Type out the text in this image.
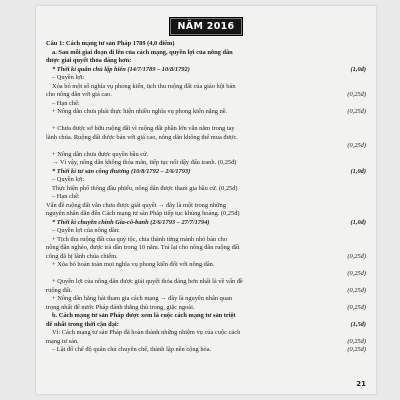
NĂM 2016
Câu 1: Cách mạng tư sản Pháp 1789 (4,0 điểm)
a. Sau mỗi giai đoạn đi lên của cách mạng, quyền lợi của nông dân
được giải quyết thỏa đáng hơn:
* Thời kì quân chủ lập hiến (14/7/1789 – 10/8/1792)	(1,0đ)
– Quyền lợi:
Xóa bỏ một số nghĩa vụ phong kiến, tịch thu ruộng đất của giáo hội bán
cho nông dân với giá cao.	(0,25đ)
– Hạn chế:
+ Nông dân chưa phải thực hiện nhiều nghĩa vụ phong kiến nặng nề.	(0,25đ)
+ Chưa được sở hữu ruộng đất vì ruộng đất phần lớn vẫn nằm trong tay
lãnh chúa. Ruộng đất được bán với giá cao, nông dân không thể mua được.
(0,25đ)
+ Nông dân chưa được quyền bầu cử.
→ Vì vậy, nông dân không thỏa mãn, tiếp tục nổi dậy đấu tranh. (0,25đ)
* Thời kì tư sản công thương (10/8/1792 – 2/6/1793)	(1,0đ)
– Quyền lợi:
Thực hiện phổ thông đầu phiếu, nông dân được tham gia bầu cử. (0,25đ)
– Hạn chế:
Vấn đề ruộng đất vẫn chưa được giải quyết → đây là một trong những
nguyên nhân dẫn đến Cách mạng tư sản Pháp tiếp tục khủng hoảng. (0,25đ)
* Thời kì chuyên chính Gia-cô-banh (2/6/1793 – 27/7/1794)	(1,0đ)
– Quyền lợi của nông dân:
+ Tịch thu ruộng đất của quý tộc, chia thành từng mảnh nhỏ bán cho
nông dân nghèo, được trả dần trong 10 năm. Trả lại cho nông dân ruộng đất
công đã bị lãnh chúa chiếm.	(0,25đ)
+ Xóa bỏ hoàn toàn mọi nghĩa vụ phong kiến đối với nông dân.
(0,25đ)
+ Quyền lợi của nông dân được giải quyết thỏa đáng hơn nhất là về vấn đề
ruộng đất.	(0,25đ)
+ Nông dân hăng hái tham gia cách mạng → đây là nguyên nhân quan
trọng nhất để nước Pháp đánh thắng thù trong, giặc ngoài.	(0,25đ)
b. Cách mạng tư sản Pháp được xem là cuộc cách mạng tư sản triệt
để nhất trong thời cận đại:	(1,5đ)
Vì: Cách mạng tư sản Pháp đã hoàn thành những nhiệm vụ của cuộc cách
mạng tư sản.	(0,25đ)
– Lật đổ chế độ quân chủ chuyên chế, thành lập nền cộng hòa.	(0,25đ)
21
